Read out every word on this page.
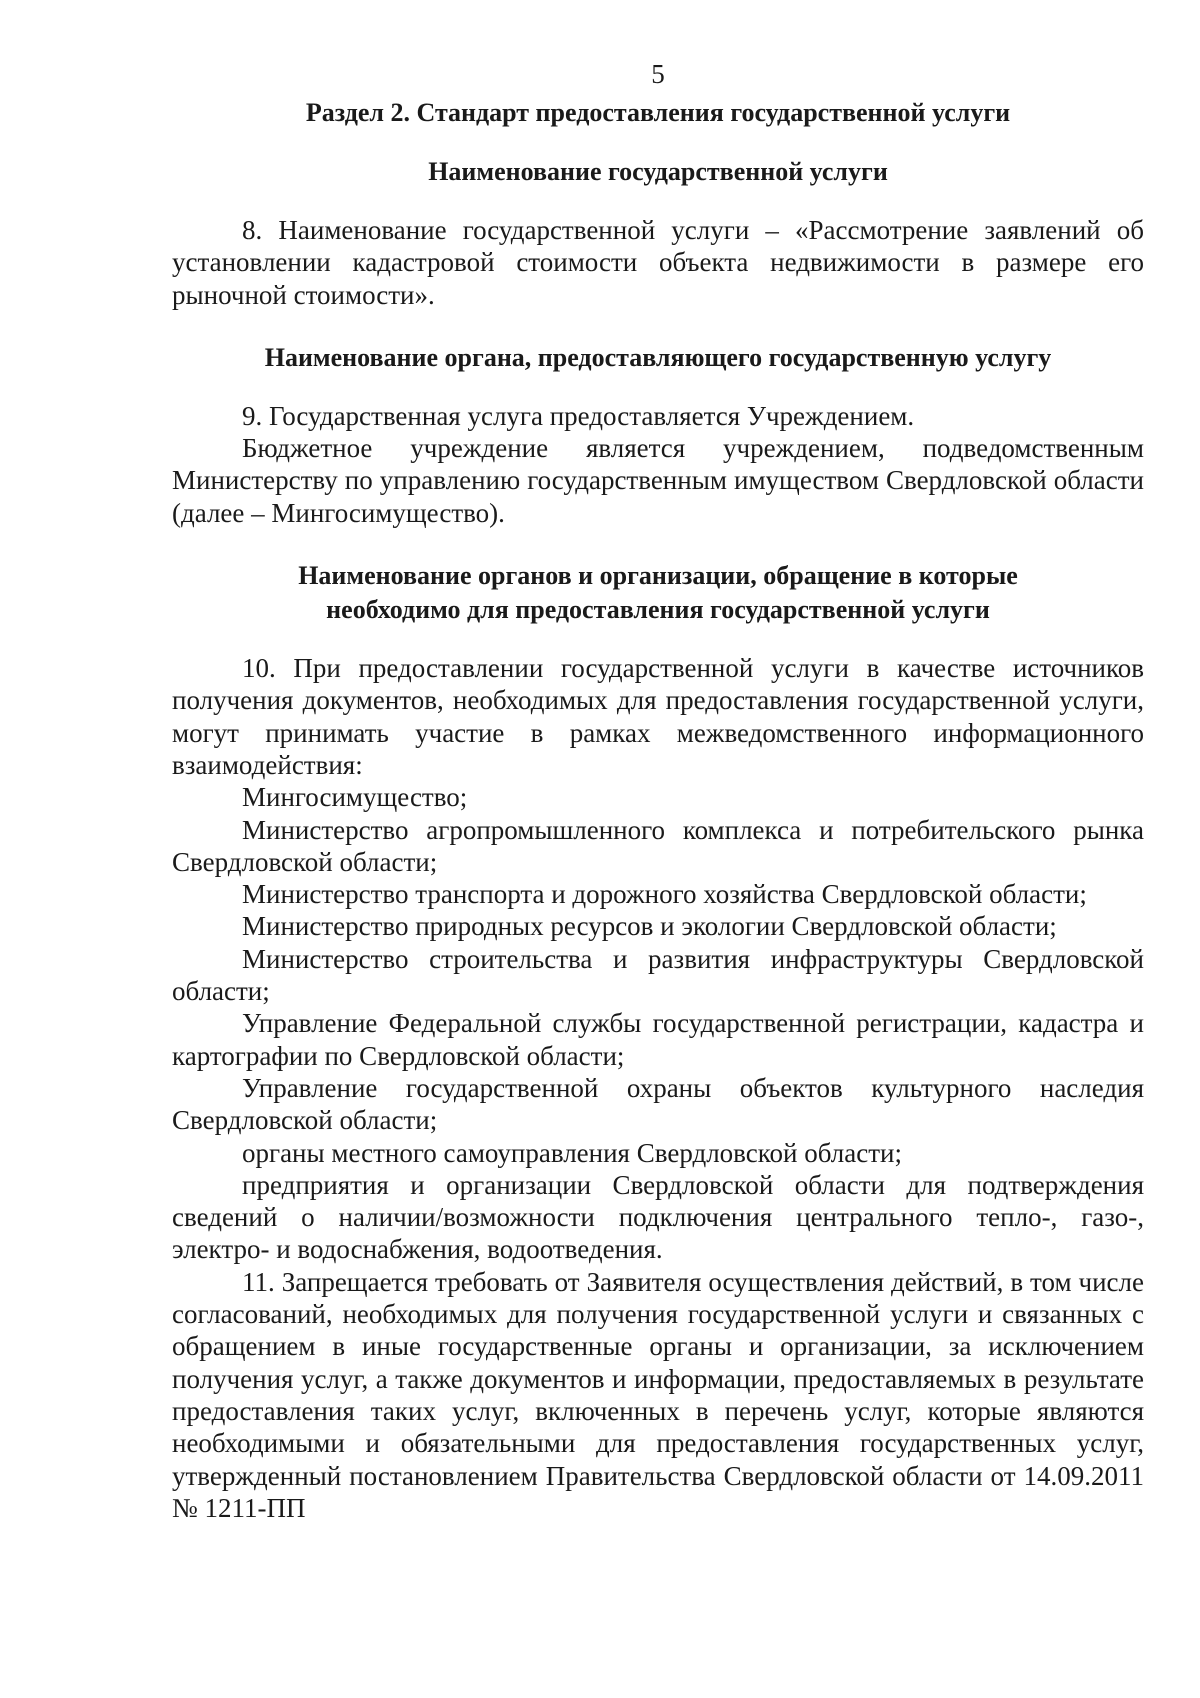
5
Раздел 2. Стандарт предоставления государственной услуги
Наименование государственной услуги

8. Наименование государственной услуги – «Рассмотрение заявлений об установлении кадастровой стоимости объекта недвижимости в размере его рыночной стоимости».

Наименование органа, предоставляющего государственную услугу

9. Государственная услуга предоставляется Учреждением.

Бюджетное учреждение является учреждением, подведомственным Министерству по управлению государственным имуществом Свердловской области (далее – Мингосимущество).

Наименование органов и организации, обращение в которые
необходимо для предоставления государственной услуги

10. При предоставлении государственной услуги в качестве источников получения документов, необходимых для предоставления государственной услуги, могут принимать участие в рамках межведомственного информационного взаимодействия:

Мингосимущество;

Министерство агропромышленного комплекса и потребительского рынка Свердловской области;

Министерство транспорта и дорожного хозяйства Свердловской области;

Министерство природных ресурсов и экологии Свердловской области;

Министерство строительства и развития инфраструктуры Свердловской области;

Управление Федеральной службы государственной регистрации, кадастра и картографии по Свердловской области;

Управление государственной охраны объектов культурного наследия Свердловской области;

органы местного самоуправления Свердловской области;

предприятия и организации Свердловской области для подтверждения сведений о наличии/возможности подключения центрального тепло-, газо-, электро- и водоснабжения, водоотведения.

11. Запрещается требовать от Заявителя осуществления действий, в том числе согласований, необходимых для получения государственной услуги и связанных с обращением в иные государственные органы и организации, за исключением получения услуг, а также документов и информации, предоставляемых в результате предоставления таких услуг, включенных в перечень услуг, которые являются необходимыми и обязательными для предоставления государственных услуг, утвержденный постановлением Правительства Свердловской области от 14.09.2011 № 1211-ПП
